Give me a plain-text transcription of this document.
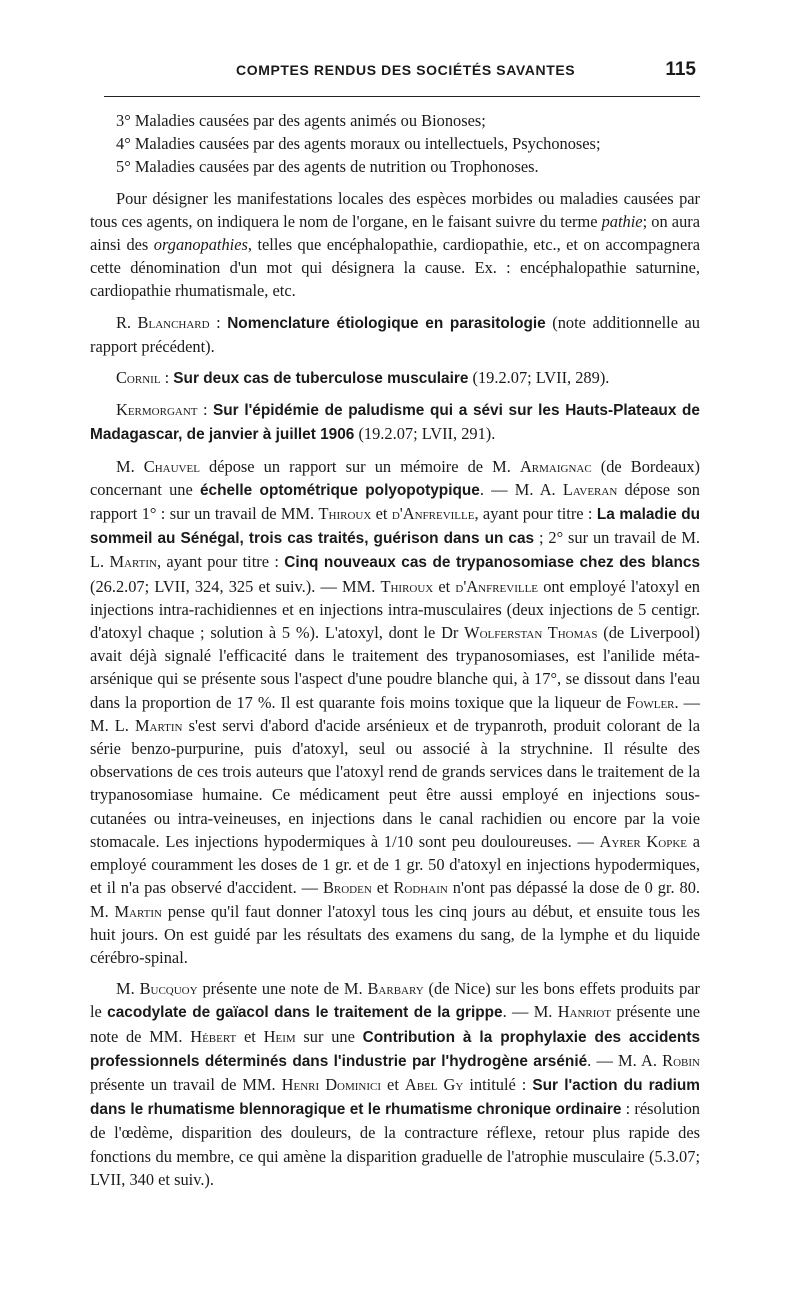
COMPTES RENDUS DES SOCIÉTÉS SAVANTES	115
3° Maladies causées par des agents animés ou Bionoses;
4° Maladies causées par des agents moraux ou intellectuels, Psychonoses;
5° Maladies causées par des agents de nutrition ou Trophonoses.

Pour désigner les manifestations locales des espèces morbides ou maladies causées par tous ces agents, on indiquera le nom de l'organe, en le faisant suivre du terme pathie; on aura ainsi des organopathies, telles que encéphalopathie, cardiopathie, etc., et on accompagnera cette dénomination d'un mot qui désignera la cause. Ex. : encéphalopathie saturnine, cardiopathie rhumatismale, etc.

R. Blanchard : Nomenclature étiologique en parasitologie (note additionnelle au rapport précédent).

Cornil : Sur deux cas de tuberculose musculaire (19.2.07; LVII, 289).

Kermorgant : Sur l'épidémie de paludisme qui a sévi sur les Hauts-Plateaux de Madagascar, de janvier à juillet 1906 (19.2.07; LVII, 291).

M. Chauvel dépose un rapport sur un mémoire de M. Armaignac (de Bordeaux) concernant une échelle optométrique polyopotypique. — M. A. Laveran dépose son rapport 1° : sur un travail de MM. Thiroux et d'Anfreville, ayant pour titre : La maladie du sommeil au Sénégal, trois cas traités, guérison dans un cas ; 2° sur un travail de M. L. Martin, ayant pour titre : Cinq nouveaux cas de trypanosomiase chez des blancs (26.2.07; LVII, 324, 325 et suiv.). — MM. Thiroux et d'Anfreville ont employé l'atoxyl en injections intra-rachidiennes et en injections intra-musculaires (deux injections de 5 centigr. d'atoxyl chaque ; solution à 5 %). L'atoxyl, dont le Dr Wolferstan Thomas (de Liverpool) avait déjà signalé l'efficacité dans le traitement des trypanosomiases, est l'anilide méta-arsénique qui se présente sous l'aspect d'une poudre blanche qui, à 17°, se dissout dans l'eau dans la proportion de 17 %. Il est quarante fois moins toxique que la liqueur de Fowler. — M. L. Martin s'est servi d'abord d'acide arsénieux et de trypanroth, produit colorant de la série benzo-purpurine, puis d'atoxyl, seul ou associé à la strychnine. Il résulte des observations de ces trois auteurs que l'atoxyl rend de grands services dans le traitement de la trypanosomiase humaine. Ce médicament peut être aussi employé en injections sous-cutanées ou intra-veineuses, en injections dans le canal rachidien ou encore par la voie stomacale. Les injections hypodermiques à 1/10 sont peu douloureuses. — Ayrer Kopke a employé couramment les doses de 1 gr. et de 1 gr. 50 d'atoxyl en injections hypodermiques, et il n'a pas observé d'accident. — Broden et Rodhain n'ont pas dépassé la dose de 0 gr. 80. M. Martin pense qu'il faut donner l'atoxyl tous les cinq jours au début, et ensuite tous les huit jours. On est guidé par les résultats des examens du sang, de la lymphe et du liquide cérébro-spinal.

M. Bucquoy présente une note de M. Barbary (de Nice) sur les bons effets produits par le cacodylate de gaïacol dans le traitement de la grippe. — M. Hanriot présente une note de MM. Hébert et Heim sur une Contribution à la prophylaxie des accidents professionnels déterminés dans l'industrie par l'hydrogène arsénié. — M. A. Robin présente un travail de MM. Henri Dominici et Abel Gy intitulé : Sur l'action du radium dans le rhumatisme blennoragique et le rhumatisme chronique ordinaire : résolution de l'œdème, disparition des douleurs, de la contracture réflexe, retour plus rapide des fonctions du membre, ce qui amène la disparition graduelle de l'atrophie musculaire (5.3.07; LVII, 340 et suiv.).
